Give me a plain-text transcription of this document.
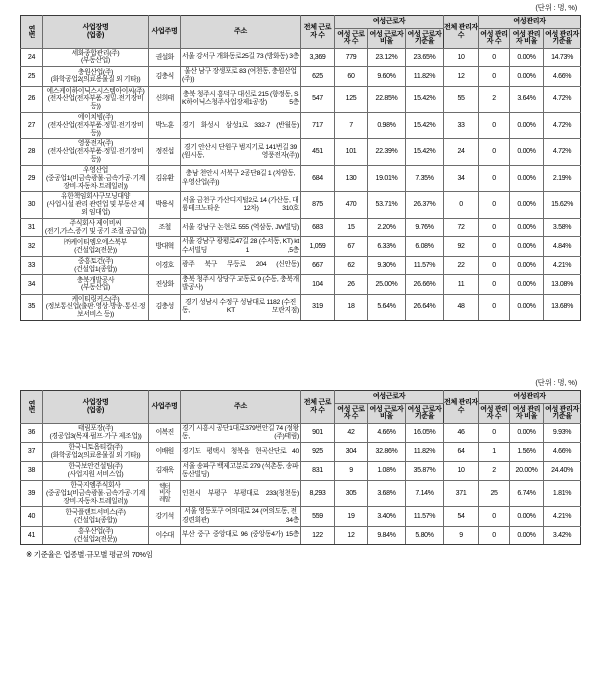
(단위 : 명, %)
연번	사업장명
(업종)	사업주명	주소	전체 근로자 수	여성근로자			전체 관리자수	여성관리자		
					여성 근로자 수	여성 근로자 비율	여성 근로자 기준율		여성 관리자 수	여성 관리자 비율	여성 관리자 기준율
24	세화종합관리(주)
(부동산업)	권설화	서울 강서구 개화동로25길 73 (방화동) 3층	3,369	779	23.12%	23.65%	10	0	0.00%	14.73%
25	충원산업(주)
(화학공업2(의료용물질 외 기타))	김충식	울산 남구 장생포로 83 (여천동, 충원산업(주))	625	60	9.60%	11.82%	12	0	0.00%	4.66%
26	에스케이하이닉스시스템아이씨(주)
(전자산업(전자부품·정밀·전기장비 등))	신희태	충북 청주시 흥덕구 대신로 215 (향정동, SK하이닉스청주사업장제1공장) 5층	547	125	22.85%	15.42%	55	2	3.64%	4.72%
27	에이치빔(주)
(전자산업(전자부품·정밀·전기장비 등))	박노훈	경기 화성시 삼성1로 332-7 (반월동)	717	7	0.98%	15.42%	33	0	0.00%	4.72%
28	영풍전자(주)
(전자산업(전자부품·정밀·전기장비 등))	정진섭	경기 안산시 단원구 범지기로 141번길 39 (원시동, 영풍전자(주))	451	101	22.39%	15.42%	24	0	0.00%	4.72%
29	우영산업
(중공업1(비금속광물·금속가공·기계장비·자동차·트레일러))	김유환	충남 천안시 서북구 2공단8길 1 (차암동, 우영산업(주))	684	130	19.01%	7.35%	34	0	0.00%	2.19%
30	유한책임회사구모닝대양
(사업시설 관리 관련업 및 부동산 제외 임대업)	박용식	서울 금천구 가산디지털2로 14 (가산동, 대륭테크노타운 12차) 310호	875	470	53.71%	26.37%	0	0	0.00%	15.62%
31	주식회사 제이비씨
(전기,가스,증기 및 공기 조절 공급업)	조철	서울 강남구 논현로 555 (역삼동, JW빌딩)	683	15	2.20%	9.76%	72	0	0.00%	3.58%
32	㈜케이티엠오에스북부
(건설업2(전문))	방대혁	서울 강남구 광평로47길 28 (수서동, KT) kt수서빌딩 1 ,5층	1,059	67	6.33%	6.08%	92	0	0.00%	4.84%
33	중흥토건(주)
(건설업1(종합))	이경호	광주 북구 무등로 204 (신안동)	667	62	9.30%	11.57%	22	0	0.00%	4.21%
34	충북개발공사
(부동산업)	진상화	충북 청주시 상당구 교동로 9 (수동, 충북개발공사)	104	26	25.00%	26.66%	11	0	0.00%	13.08%
35	케이티링커스(주)
(정보통신업(출판·영상·방송·통신·정보서비스 등))	김충성	경기 성남시 수정구 성남대로 1182 (수진동, KT 모란지점)	319	18	5.64%	26.64%	48	0	0.00%	13.68%
(단위 : 명, %)
연번	사업장명
(업종)	사업주명	주소	전체 근로자 수	여성근로자			전체 관리자수	여성관리자		
					여성 근로자 수	여성 근로자 비율	여성 근로자 기준율		여성 관리자 수	여성 관리자 비율	여성 관리자 기준율
36	태림포장(주)
(경공업3(목재·펄프·가구 제조업))	이복진	경기 시흥시 공단1대로379번안길 74 (정왕동, (주)태림)	901	42	4.66%	16.05%	46	0	0.00%	9.93%
37	한국니토옵티칼(주)
(화학공업2(의료용물질 외 기타))	이배원	경기도 평택시 청북읍 현곡산단로 40	925	304	32.86%	11.82%	64	1	1.56%	4.66%
38	한국보안건설팀(주)
(사업지원 서비스업)	김재욱	서울 송파구 백제고분로 279 (석촌동, 송파동산빌딩)	831	9	1.08%	35.87%	10	2	20.00%	24.40%
39	한국지엠주식회사
(중공업1(비금속광물·금속가공·기계장비·자동차·트레일러))	헥터비자레알	인천시 부평구 부평대로 233(청천동)	8,293	305	3.68%	7.14%	371	25	6.74%	1.81%
40	한국플랜트서비스(주)
(건설업1(종합))	강기석	서울 영등포구 여의대로 24 (여의도동, 전경련회관) 34층	559	19	3.40%	11.57%	54	0	0.00%	4.21%
41	흥우산업(주)
(건설업2(전문))	이수대	부산 중구 중앙대로 96 (중앙동4가) 15층	122	12	9.84%	5.80%	9	0	0.00%	3.42%
※ 기준율은 업종별·규모별 평균의 70%임
